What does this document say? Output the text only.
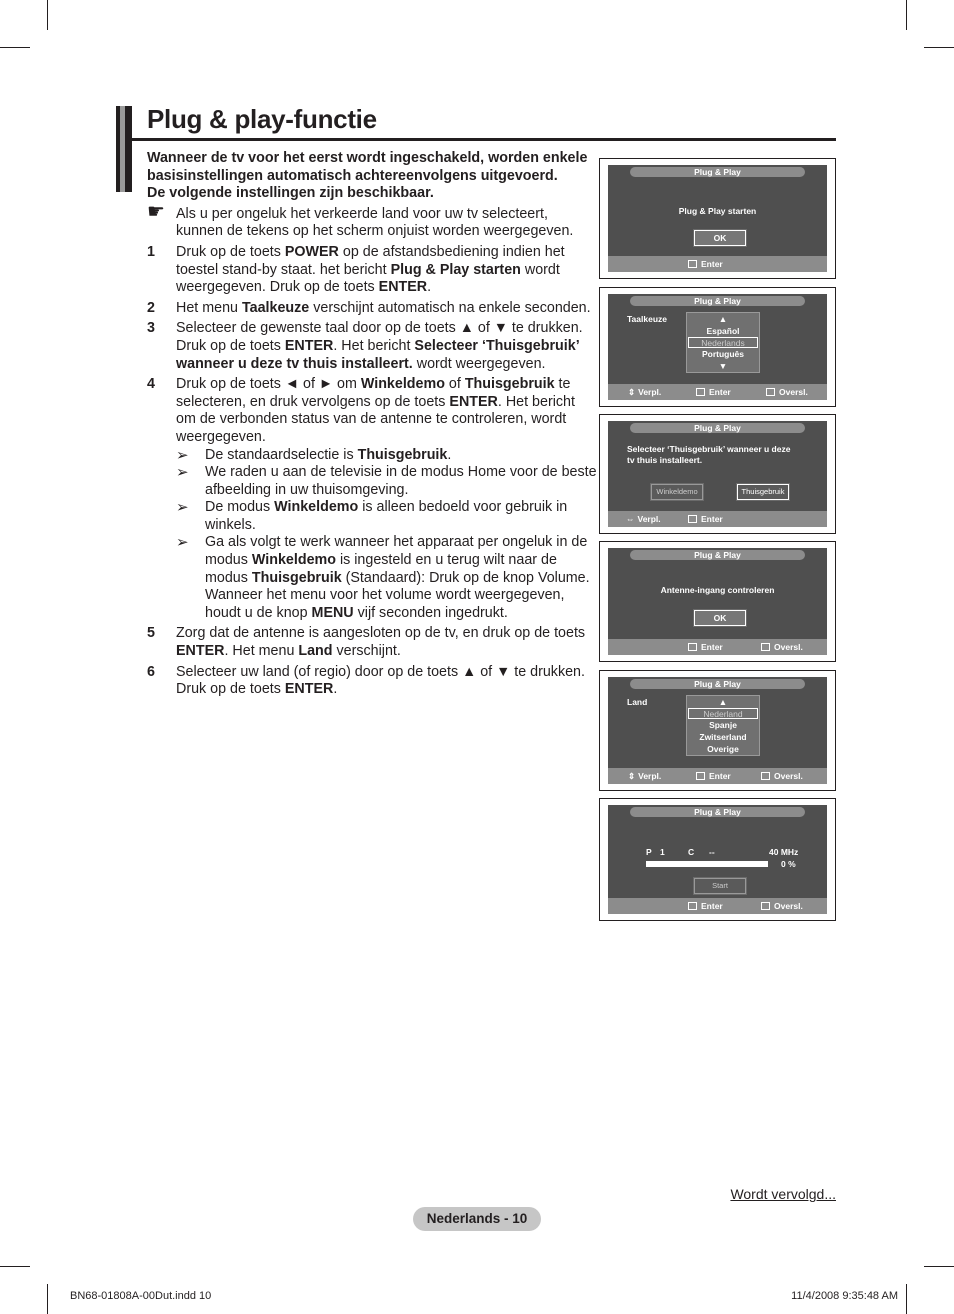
Plug & play-functie
Wanneer de tv voor het eerst wordt ingeschakeld, worden enkele basisinstellingen automatisch achtereenvolgens uitgevoerd.
De volgende instellingen zijn beschikbaar.
☛ Als u per ongeluk het verkeerde land voor uw tv selecteert, kunnen de tekens op het scherm onjuist worden weergegeven.
1 Druk op de toets POWER op de afstandsbediening indien het toestel stand-by staat. het bericht Plug & Play starten wordt weergegeven. Druk op de toets ENTER.
2 Het menu Taalkeuze verschijnt automatisch na enkele seconden.
3 Selecteer de gewenste taal door op de toets ▲ of ▼ te drukken. Druk op de toets ENTER. Het bericht Selecteer ‘Thuisgebruik’ wanneer u deze tv thuis installeert. wordt weergegeven.
4 Druk op de toets ◄ of ► om Winkeldemo of Thuisgebruik te selecteren, en druk vervolgens op de toets ENTER. Het bericht om de verbonden status van de antenne te controleren, wordt weergegeven.
➢ De standaardselectie is Thuisgebruik.
➢ We raden u aan de televisie in de modus Home voor de beste afbeelding in uw thuisomgeving.
➢ De modus Winkeldemo is alleen bedoeld voor gebruik in winkels.
➢ Ga als volgt te werk wanneer het apparaat per ongeluk in de modus Winkeldemo is ingesteld en u terug wilt naar de modus Thuisgebruik (Standaard): Druk op de knop Volume. Wanneer het menu voor het volume wordt weergegeven, houdt u de knop MENU vijf seconden ingedrukt.
5 Zorg dat de antenne is aangesloten op de tv, en druk op de toets ENTER. Het menu Land verschijnt.
6 Selecteer uw land (of regio) door op de toets ▲ of ▼ te drukken. Druk op de toets ENTER.
Plug & Play
Plug & Play starten
OK
Enter
Plug & Play
Taalkeuze	▲
Español
Nederlands
Português
▼
⇕ Verpl.	Enter	Oversl.
Plug & Play
Selecteer ‘Thuisgebruik’ wanneer u deze tv thuis installeert.
Winkeldemo	Thuisgebruik
⇔ Verpl.	Enter
Plug & Play
Antenne-ingang controleren
OK
Enter	Oversl.
Plug & Play
Land	▲
Nederland
Spanje
Zwitserland
Overige
⇕ Verpl.	Enter	Oversl.
Plug & Play
P 1	C --	40 MHz
0 %
Start
Enter	Oversl.
Wordt vervolgd...
Nederlands - 10
BN68-01808A-00Dut.indd 10	11/4/2008 9:35:48 AM
